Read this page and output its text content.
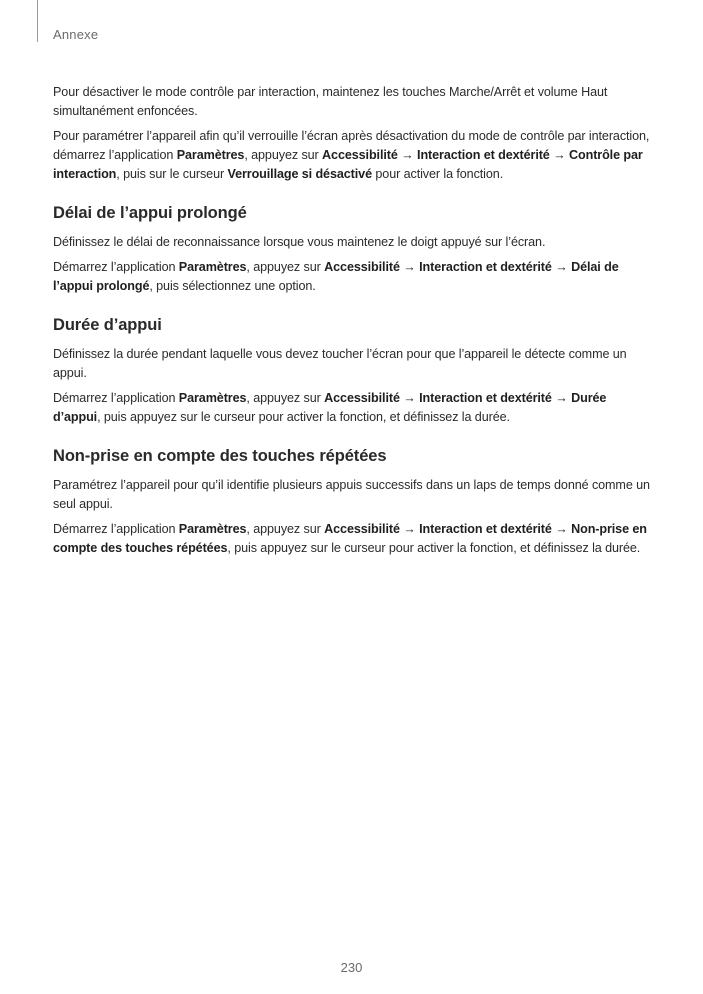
Annexe

Pour désactiver le mode contrôle par interaction, maintenez les touches Marche/Arrêt et volume Haut simultanément enfoncées.

Pour paramétrer l’appareil afin qu’il verrouille l’écran après désactivation du mode de contrôle par interaction, démarrez l’application Paramètres, appuyez sur Accessibilité → Interaction et dextérité → Contrôle par interaction, puis sur le curseur Verrouillage si désactivé pour activer la fonction.

Délai de l’appui prolongé

Définissez le délai de reconnaissance lorsque vous maintenez le doigt appuyé sur l’écran.

Démarrez l’application Paramètres, appuyez sur Accessibilité → Interaction et dextérité → Délai de l’appui prolongé, puis sélectionnez une option.

Durée d’appui

Définissez la durée pendant laquelle vous devez toucher l’écran pour que l’appareil le détecte comme un appui.

Démarrez l’application Paramètres, appuyez sur Accessibilité → Interaction et dextérité → Durée d’appui, puis appuyez sur le curseur pour activer la fonction, et définissez la durée.

Non-prise en compte des touches répétées

Paramétrez l’appareil pour qu’il identifie plusieurs appuis successifs dans un laps de temps donné comme un seul appui.

Démarrez l’application Paramètres, appuyez sur Accessibilité → Interaction et dextérité → Non-prise en compte des touches répétées, puis appuyez sur le curseur pour activer la fonction, et définissez la durée.

230
